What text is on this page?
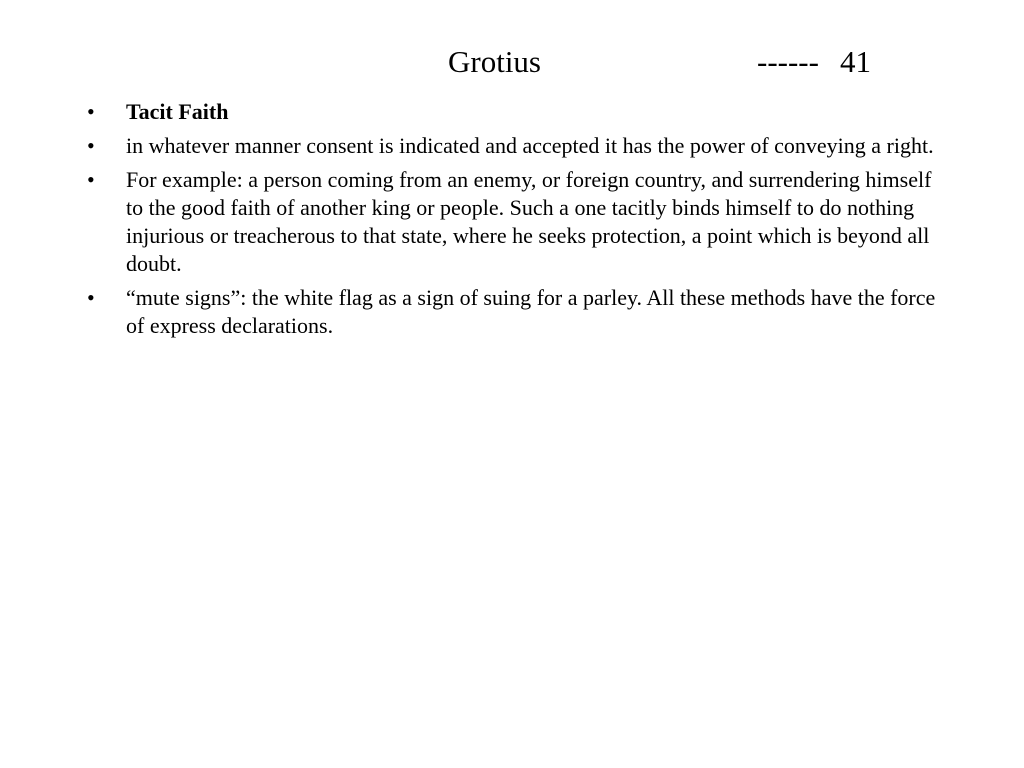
Grotius	------ 41
• Tacit Faith
• in whatever manner consent is indicated and accepted it has the power of conveying a right.
• For example: a person coming from an enemy, or foreign country, and surrendering himself to the good faith of another king or people. Such a one tacitly binds himself to do nothing injurious or treacherous to that state, where he seeks protection, a point which is beyond all doubt.
• “mute signs”: the white flag as a sign of suing for a parley. All these methods have the force of express declarations.
